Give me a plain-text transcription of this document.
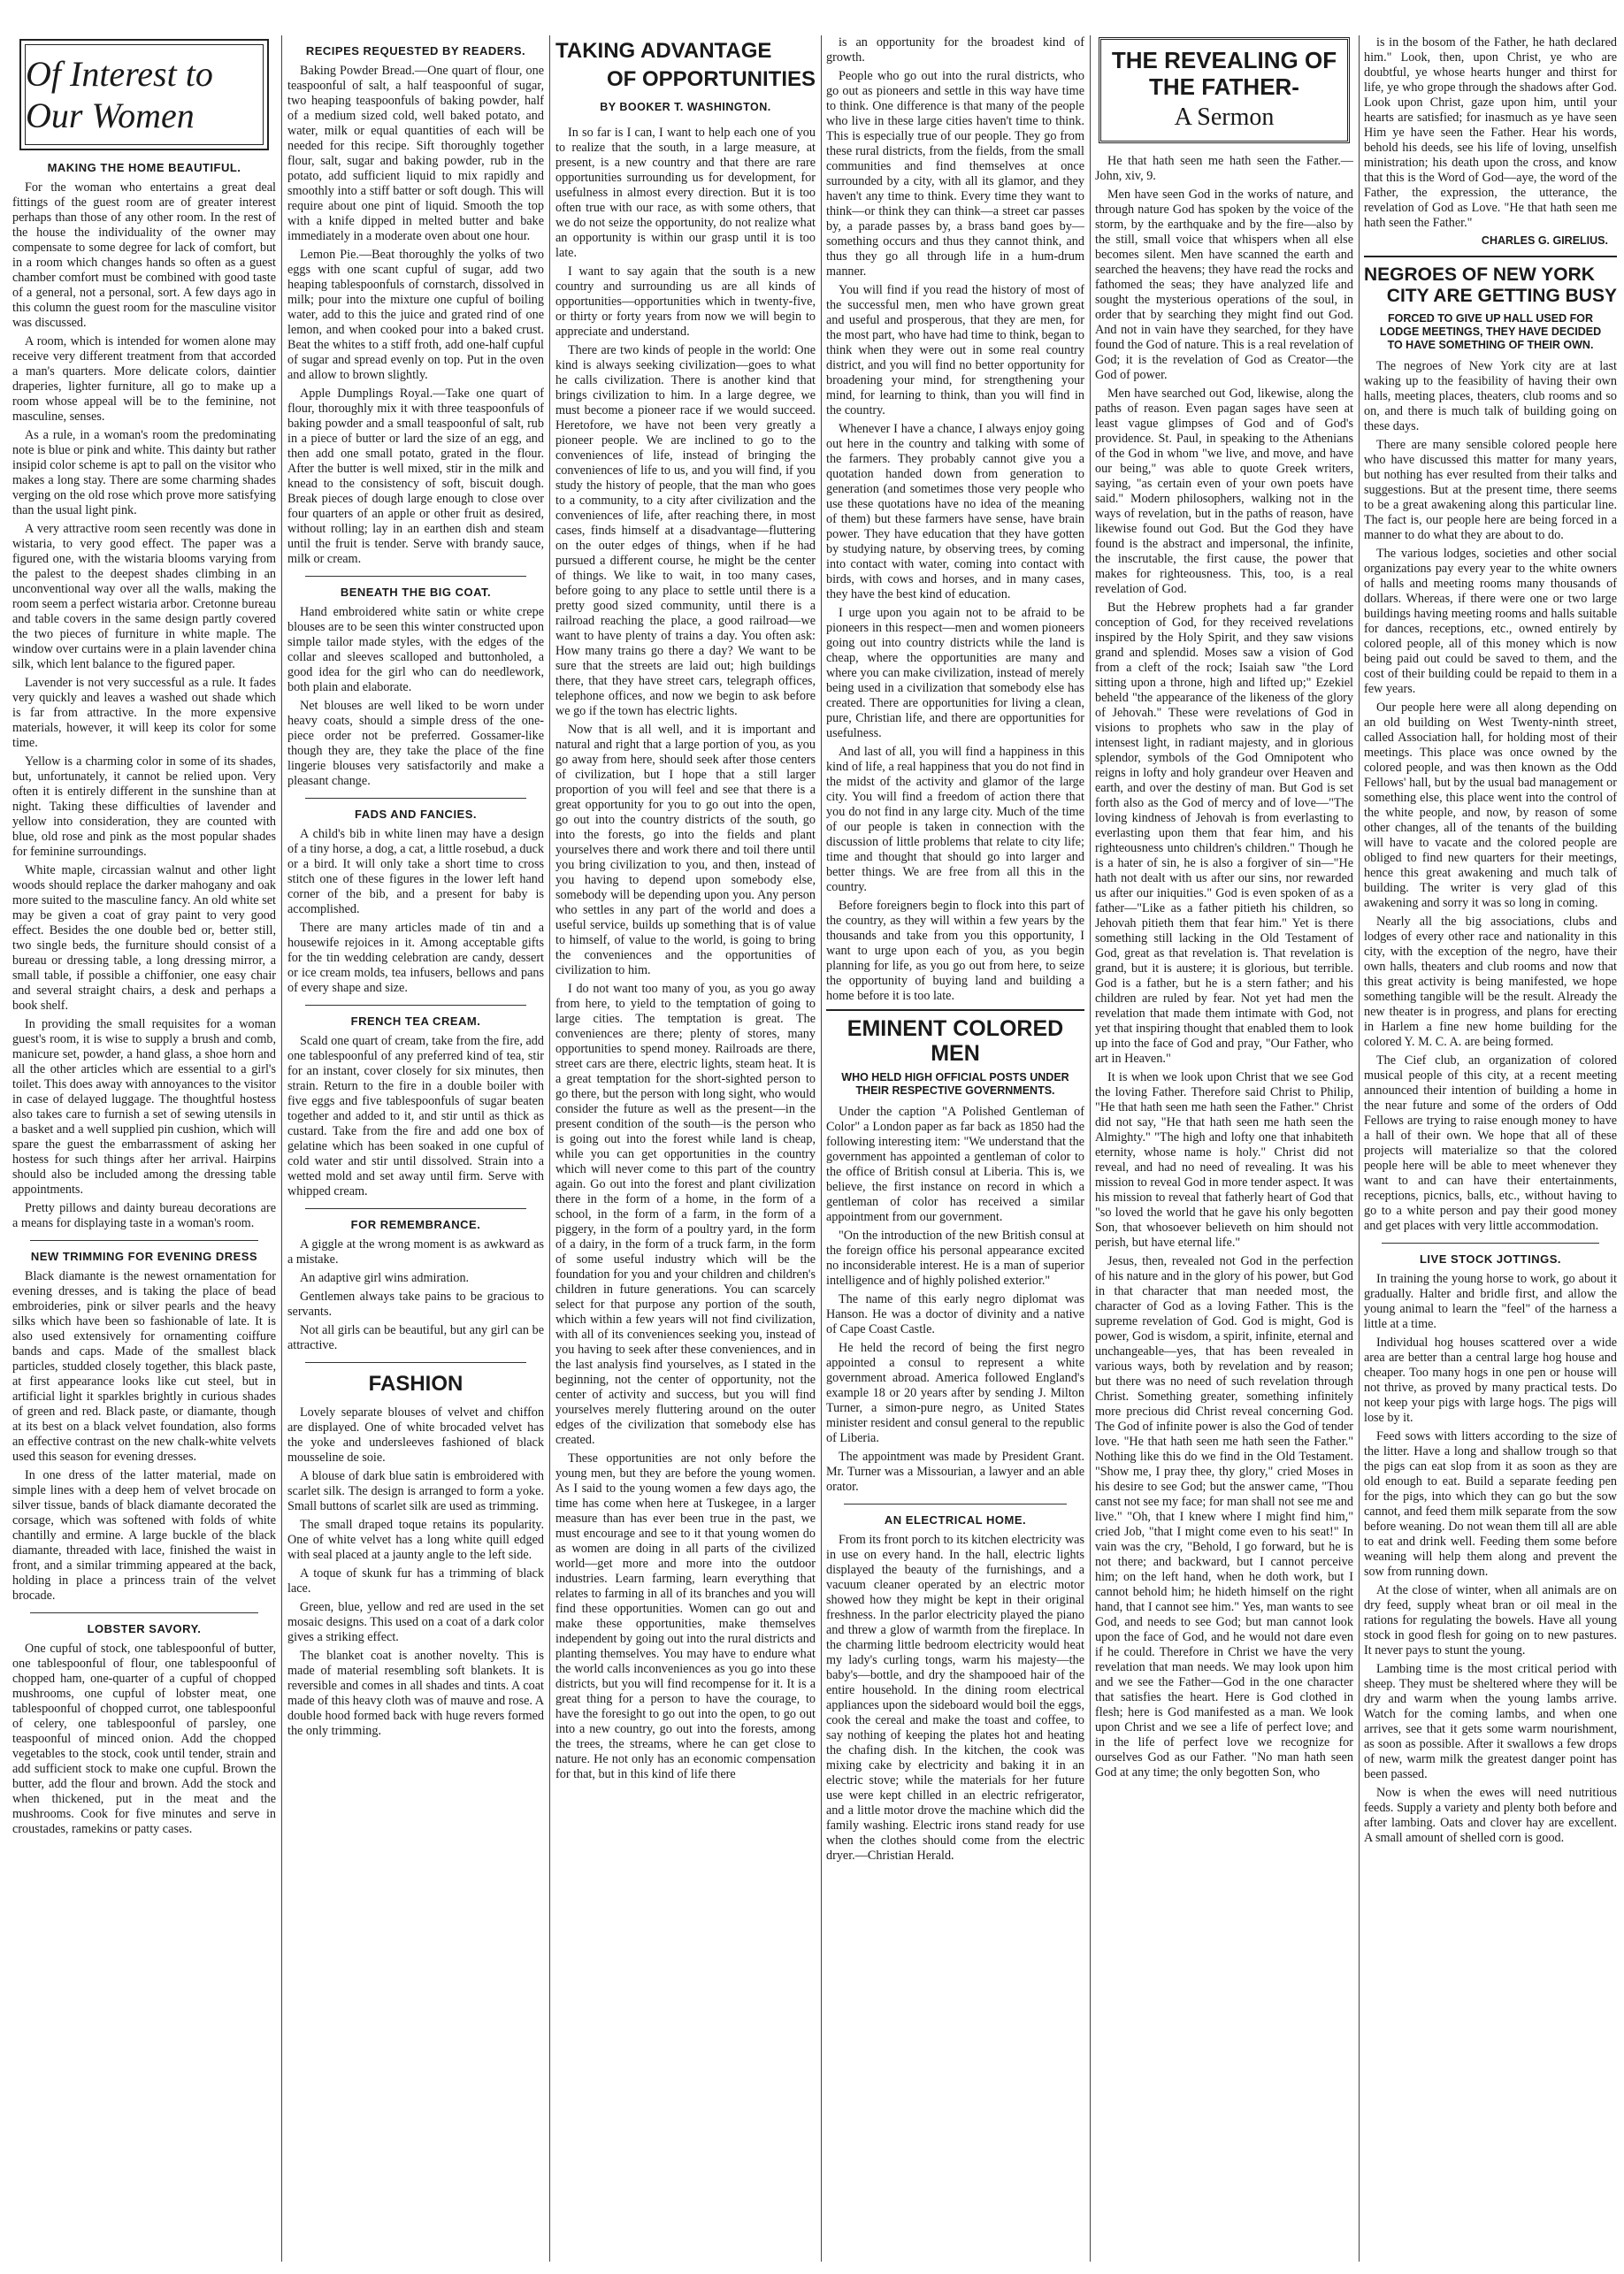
Of Interest to Our Women
MAKING THE HOME BEAUTIFUL.

For the woman who entertains a great deal fittings of the guest room are of greater interest perhaps than those of any other room. In the rest of the house the individuality of the owner may compensate to some degree for lack of comfort, but in a room which changes hands so often as a guest chamber comfort must be combined with good taste of a general, not a personal, sort. A few days ago in this column the guest room for the masculine visitor was discussed.

A room, which is intended for women alone may receive very different treatment from that accorded a man's quarters. More delicate colors, daintier draperies, lighter furniture, all go to make up a room whose appeal will be to the feminine, not masculine, senses.

As a rule, in a woman's room the predominating note is blue or pink and white. This dainty but rather insipid color scheme is apt to pall on the visitor who makes a long stay. There are some charming shades verging on the old rose which prove more satisfying than the usual light pink.

A very attractive room seen recently was done in wistaria, to very good effect. The paper was a figured one, with the wistaria blooms varying from the palest to the deepest shades climbing in an unconventional way over all the walls, making the room seem a perfect wistaria arbor. Cretonne bureau and table covers in the same design partly covered the two pieces of furniture in white maple. The window over curtains were in a plain lavender china silk, which lent balance to the figured paper.

Lavender is not very successful as a rule. It fades very quickly and leaves a washed out shade which is far from attractive. In the more expensive materials, however, it will keep its color for some time.

Yellow is a charming color in some of its shades, but, unfortunately, it cannot be relied upon. Very often it is entirely different in the sunshine than at night. Taking these difficulties of lavender and yellow into consideration, they are counted with blue, old rose and pink as the most popular shades for feminine surroundings.

White maple, circassian walnut and other light woods should replace the darker mahogany and oak more suited to the masculine fancy. An old white set may be given a coat of gray paint to very good effect. Besides the one double bed or, better still, two single beds, the furniture should consist of a bureau or dressing table, a long dressing mirror, a small table, if possible a chiffonier, one easy chair and several straight chairs, a desk and perhaps a book shelf.

In providing the small requisites for a woman guest's room, it is wise to supply a brush and comb, manicure set, powder, a hand glass, a shoe horn and all the other articles which are essential to a girl's toilet. This does away with annoyances to the visitor in case of delayed luggage. The thoughtful hostess also takes care to furnish a set of sewing utensils in a basket and a well supplied pin cushion, which will spare the guest the embarrassment of asking her hostess for such things after her arrival. Hairpins should also be included among the dressing table appointments.

Pretty pillows and dainty bureau decorations are a means for displaying taste in a woman's room.

NEW TRIMMING FOR EVENING DRESS

Black diamante is the newest ornamentation for evening dresses, and is taking the place of bead embroideries, pink or silver pearls and the heavy silks which have been so fashionable of late. It is also used extensively for ornamenting coiffure bands and caps. Made of the smallest black particles, studded closely together, this black paste, at first appearance looks like cut steel, but in artificial light it sparkles brightly in curious shades of green and red. Black paste, or diamante, though at its best on a black velvet foundation, also forms an effective contrast on the new chalk-white velvets used this season for evening dresses.

In one dress of the latter material, made on simple lines with a deep hem of velvet brocade on silver tissue, bands of black diamante decorated the corsage, which was softened with folds of white chantilly and ermine. A large buckle of the black diamante, threaded with lace, finished the waist in front, and a similar trimming appeared at the back, holding in place a princess train of the velvet brocade.

LOBSTER SAVORY.

One cupful of stock, one tablespoonful of butter, one tablespoonful of flour, one tablespoonful of chopped ham, one-quarter of a cupful of chopped mushrooms, one cupful of lobster meat, one tablespoonful of chopped currot, one tablespoonful of celery, one tablespoonful of parsley, one teaspoonful of minced onion. Add the chopped vegetables to the stock, cook until tender, strain and add sufficient stock to make one cupful. Brown the butter, add the flour and brown. Add the stock and when thickened, put in the meat and the mushrooms. Cook for five minutes and serve in croustades, ramekins or patty cases.

RECIPES REQUESTED BY READERS.

Baking Powder Bread.—One quart of flour, one teaspoonful of salt, a half teaspoonful of sugar, two heaping teaspoonfuls of baking powder, half of a medium sized cold, well baked potato, and water, milk or equal quantities of each will be needed for this recipe. Sift thoroughly together flour, salt, sugar and baking powder, rub in the potato, add sufficient liquid to mix rapidly and smoothly into a stiff batter or soft dough. This will require about one pint of liquid. Smooth the top with a knife dipped in melted butter and bake immediately in a moderate oven about one hour.

Lemon Pie.—Beat thoroughly the yolks of two eggs with one scant cupful of sugar, add two heaping tablespoonfuls of cornstarch, dissolved in milk; pour into the mixture one cupful of boiling water, add to this the juice and grated rind of one lemon, and when cooked pour into a baked crust. Beat the whites to a stiff froth, add one-half cupful of sugar and spread evenly on top. Put in the oven and allow to brown slightly.

Apple Dumplings Royal.—Take one quart of flour, thoroughly mix it with three teaspoonfuls of baking powder and a small teaspoonful of salt, rub in a piece of butter or lard the size of an egg, and then add one small potato, grated in the flour. After the butter is well mixed, stir in the milk and knead to the consistency of soft, biscuit dough. Break pieces of dough large enough to close over four quarters of an apple or other fruit as desired, without rolling; lay in an earthen dish and steam until the fruit is tender. Serve with brandy sauce, milk or cream.

BENEATH THE BIG COAT.

Hand embroidered white satin or white crepe blouses are to be seen this winter constructed upon simple tailor made styles, with the edges of the collar and sleeves scalloped and buttonholed, a good idea for the girl who can do needlework, both plain and elaborate.

Net blouses are well liked to be worn under heavy coats, should a simple dress of the one-piece order not be preferred. Gossamer-like though they are, they take the place of the fine lingerie blouses very satisfactorily and make a pleasant change.

FADS AND FANCIES.

A child's bib in white linen may have a design of a tiny horse, a dog, a cat, a little rosebud, a duck or a bird. It will only take a short time to cross stitch one of these figures in the lower left hand corner of the bib, and a present for baby is accomplished.

There are many articles made of tin and a housewife rejoices in it. Among acceptable gifts for the tin wedding celebration are candy, dessert or ice cream molds, tea infusers, bellows and pans of every shape and size.

FRENCH TEA CREAM.

Scald one quart of cream, take from the fire, add one tablespoonful of any preferred kind of tea, stir for an instant, cover closely for six minutes, then strain. Return to the fire in a double boiler with five eggs and five tablespoonfuls of sugar beaten together and added to it, and stir until as thick as custard. Take from the fire and add one box of gelatine which has been soaked in one cupful of cold water and stir until dissolved. Strain into a wetted mold and set away until firm. Serve with whipped cream.

FOR REMEMBRANCE.

A giggle at the wrong moment is as awkward as a mistake.

An adaptive girl wins admiration.

Gentlemen always take pains to be gracious to servants.

Not all girls can be beautiful, but any girl can be attractive.

FASHION

Lovely separate blouses of velvet and chiffon are displayed. One of white brocaded velvet has the yoke and undersleeves fashioned of black mousseline de soie.

A blouse of dark blue satin is embroidered with scarlet silk. The design is arranged to form a yoke. Small buttons of scarlet silk are used as trimming.

The small draped toque retains its popularity. One of white velvet has a long white quill edged with seal placed at a jaunty angle to the left side.

A toque of skunk fur has a trimming of black lace.

Green, blue, yellow and red are used in the set mosaic designs. This used on a coat of a dark color gives a striking effect.

The blanket coat is another novelty. This is made of material resembling soft blankets. It is reversible and comes in all shades and tints. A coat made of this heavy cloth was of mauve and rose. A double hood formed back with huge revers formed the only trimming.

TAKING ADVANTAGE
OF OPPORTUNITIES
BY BOOKER T. WASHINGTON.

In so far is I can, I want to help each one of you to realize that the south, in a large measure, at present, is a new country and that there are rare opportunities surrounding us for development, for usefulness in almost every direction. But it is too often true with our race, as with some others, that we do not seize the opportunity, do not realize what an opportunity is within our grasp until it is too late.

I want to say again that the south is a new country and surrounding us are all kinds of opportunities—opportunities which in twenty-five, or thirty or forty years from now we will begin to appreciate and understand.

There are two kinds of people in the world: One kind is always seeking civilization—goes to what he calls civilization. There is another kind that brings civilization to him. In a large degree, we must become a pioneer race if we would succeed. Heretofore, we have not been very greatly a pioneer people. We are inclined to go to the conveniences of life, instead of bringing the conveniences of life to us, and you will find, if you study the history of people, that the man who goes to a community, to a city after civilization and the conveniences of life, after reaching there, in most cases, finds himself at a disadvantage—fluttering on the outer edges of things, when if he had pursued a different course, he might be the center of things. We like to wait, in too many cases, before going to any place to settle until there is a pretty good sized community, until there is a railroad reaching the place, a good railroad—we want to have plenty of trains a day. You often ask: How many trains go there a day? We want to be sure that the streets are laid out; high buildings there, that they have street cars, telegraph offices, telephone offices, and now we begin to ask before we go if the town has electric lights.

Now that is all well, and it is important and natural and right that a large portion of you, as you go away from here, should seek after those centers of civilization, but I hope that a still larger proportion of you will feel and see that there is a great opportunity for you to go out into the open, go out into the country districts of the south, go into the forests, go into the fields and plant yourselves there and work there and toil there until you bring civilization to you, and then, instead of you having to depend upon somebody else, somebody will be depending upon you. Any person who settles in any part of the world and does a useful service, builds up something that is of value to himself, of value to the world, is going to bring the conveniences and the opportunities of civilization to him.

I do not want too many of you, as you go away from here, to yield to the temptation of going to large cities. The temptation is great. The conveniences are there; plenty of stores, many opportunities to spend money. Railroads are there, street cars are there, electric lights, steam heat. It is a great temptation for the short-sighted person to go there, but the person with long sight, who would consider the future as well as the present—in the present condition of the south—is the person who is going out into the forest while land is cheap, while you can get opportunities in the country which will never come to this part of the country again. Go out into the forest and plant civilization there in the form of a home, in the form of a school, in the form of a farm, in the form of a piggery, in the form of a poultry yard, in the form of a dairy, in the form of a truck farm, in the form of some useful industry which will be the foundation for you and your children and children's children in future generations. You can scarcely select for that purpose any portion of the south, which within a few years will not find civilization, with all of its conveniences seeking you, instead of you having to seek after these conveniences, and in the last analysis find yourselves, as I stated in the beginning, not the center of opportunity, not the center of activity and success, but you will find yourselves merely fluttering around on the outer edges of the civilization that somebody else has created.

These opportunities are not only before the young men, but they are before the young women. As I said to the young women a few days ago, the time has come when here at Tuskegee, in a larger measure than has ever been true in the past, we must encourage and see to it that young women do as women are doing in all parts of the civilized world—get more and more into the outdoor industries. Learn farming, learn everything that relates to farming in all of its branches and you will find these opportunities. Women can go out and make these opportunities, make themselves independent by going out into the rural districts and planting themselves. You may have to endure what the world calls inconveniences as you go into these districts, but you will find recompense for it. It is a great thing for a person to have the courage, to have the foresight to go out into the open, to go out into a new country, go out into the forests, among the trees, the streams, where he can get close to nature. He not only has an economic compensation for that, but in this kind of life there

is an opportunity for the broadest kind of growth.

People who go out into the rural districts, who go out as pioneers and settle in this way have time to think. One difference is that many of the people who live in these large cities haven't time to think. This is especially true of our people. They go from these rural districts, from the fields, from the small communities and find themselves at once surrounded by a city, with all its glamor, and they haven't any time to think. Every time they want to think—or think they can think—a street car passes by, a parade passes by, a brass band goes by—something occurs and thus they cannot think, and thus they go all through life in a hum-drum manner.

You will find if you read the history of most of the successful men, men who have grown great and useful and prosperous, that they are men, for the most part, who have had time to think, began to think when they were out in some real country district, and you will find no better opportunity for broadening your mind, for strengthening your mind, for learning to think, than you will find in the country.

Whenever I have a chance, I always enjoy going out here in the country and talking with some of the farmers. They probably cannot give you a quotation handed down from generation to generation (and sometimes those very people who use these quotations have no idea of the meaning of them) but these farmers have sense, have brain power. They have education that they have gotten by studying nature, by observing trees, by coming into contact with water, coming into contact with birds, with cows and horses, and in many cases, they have the best kind of education.

I urge upon you again not to be afraid to be pioneers in this respect—men and women pioneers going out into country districts while the land is cheap, where the opportunities are many and where you can make civilization, instead of merely being used in a civilization that somebody else has created. There are opportunities for living a clean, pure, Christian life, and there are opportunities for usefulness.

And last of all, you will find a happiness in this kind of life, a real happiness that you do not find in the midst of the activity and glamor of the large city. You will find a freedom of action there that you do not find in any large city. Much of the time of our people is taken in connection with the discussion of little problems that relate to city life; time and thought that should go into larger and better things. We are free from all this in the country.

Before foreigners begin to flock into this part of the country, as they will within a few years by the thousands and take from you this opportunity, I want to urge upon each of you, as you begin planning for life, as you go out from here, to seize the opportunity of buying land and building a home before it is too late.

EMINENT COLORED MEN
WHO HELD HIGH OFFICIAL POSTS UNDER THEIR RESPECTIVE GOVERNMENTS.

Under the caption "A Polished Gentleman of Color" a London paper as far back as 1850 had the following interesting item: "We understand that the government has appointed a gentleman of color to the office of British consul at Liberia. This is, we believe, the first instance on record in which a gentleman of color has received a similar appointment from our government.

"On the introduction of the new British consul at the foreign office his personal appearance excited no inconsiderable interest. He is a man of superior intelligence and of highly polished exterior."

The name of this early negro diplomat was Hanson. He was a doctor of divinity and a native of Cape Coast Castle.

He held the record of being the first negro appointed a consul to represent a white government abroad. America followed England's example 18 or 20 years after by sending J. Milton Turner, a simon-pure negro, as United States minister resident and consul general to the republic of Liberia.

The appointment was made by President Grant. Mr. Turner was a Missourian, a lawyer and an able orator.

AN ELECTRICAL HOME.

From its front porch to its kitchen electricity was in use on every hand. In the hall, electric lights displayed the beauty of the furnishings, and a vacuum cleaner operated by an electric motor showed how they might be kept in their original freshness. In the parlor electricity played the piano and threw a glow of warmth from the fireplace. In the charming little bedroom electricity would heat my lady's curling tongs, warm his majesty—the baby's—bottle, and dry the shampooed hair of the entire household. In the dining room electrical appliances upon the sideboard would boil the eggs, cook the cereal and make the toast and coffee, to say nothing of keeping the plates hot and heating the chafing dish. In the kitchen, the cook was mixing cake by electricity and baking it in an electric stove; while the materials for her future use were kept chilled in an electric refrigerator, and a little motor drove the machine which did the family washing. Electric irons stand ready for use when the clothes should come from the electric dryer.—Christian Herald.

THE REVEALING OF
THE FATHER-
A Sermon

He that hath seen me hath seen the Father.—John, xiv, 9.

Men have seen God in the works of nature, and through nature God has spoken by the voice of the storm, by the earthquake and by the fire—also by the still, small voice that whispers when all else becomes silent. Men have scanned the earth and searched the heavens; they have read the rocks and fathomed the seas; they have analyzed life and sought the mysterious operations of the soul, in order that by searching they might find out God. And not in vain have they searched, for they have found the God of nature. This is a real revelation of God; it is the revelation of God as Creator—the God of power.

Men have searched out God, likewise, along the paths of reason. Even pagan sages have seen at least vague glimpses of God and of God's providence. St. Paul, in speaking to the Athenians of the God in whom "we live, and move, and have our being," was able to quote Greek writers, saying, "as certain even of your own poets have said." Modern philosophers, walking not in the ways of revelation, but in the paths of reason, have likewise found out God. But the God they have found is the abstract and impersonal, the infinite, the inscrutable, the first cause, the power that makes for righteousness. This, too, is a real revelation of God.

But the Hebrew prophets had a far grander conception of God, for they received revelations inspired by the Holy Spirit, and they saw visions grand and splendid. Moses saw a vision of God from a cleft of the rock; Isaiah saw "the Lord sitting upon a throne, high and lifted up;" Ezekiel beheld "the appearance of the likeness of the glory of Jehovah." These were revelations of God in visions to prophets who saw in the play of intensest light, in radiant majesty, and in glorious splendor, symbols of the God Omnipotent who reigns in lofty and holy grandeur over Heaven and earth, and over the destiny of man. But God is set forth also as the God of mercy and of love—"The loving kindness of Jehovah is from everlasting to everlasting upon them that fear him, and his righteousness unto children's children." Though he is a hater of sin, he is also a forgiver of sin—"He hath not dealt with us after our sins, nor rewarded us after our iniquities." God is even spoken of as a father—"Like as a father pitieth his children, so Jehovah pitieth them that fear him." Yet is there something still lacking in the Old Testament of God, great as that revelation is. That revelation is grand, but it is austere; it is glorious, but terrible. God is a father, but he is a stern father; and his children are ruled by fear. Not yet had men the revelation that made them intimate with God, not yet that inspiring thought that enabled them to look up into the face of God and pray, "Our Father, who art in Heaven."

It is when we look upon Christ that we see God the loving Father. Therefore said Christ to Philip, "He that hath seen me hath seen the Father." Christ did not say, "He that hath seen me hath seen the Almighty." "The high and lofty one that inhabiteth eternity, whose name is holy." Christ did not reveal, and had no need of revealing. It was his mission to reveal God in more tender aspect. It was his mission to reveal that fatherly heart of God that "so loved the world that he gave his only begotten Son, that whosoever believeth on him should not perish, but have eternal life."

Jesus, then, revealed not God in the perfection of his nature and in the glory of his power, but God in that character that man needed most, the character of God as a loving Father. This is the supreme revelation of God. God is might, God is power, God is wisdom, a spirit, infinite, eternal and unchangeable—yes, that has been revealed in various ways, both by revelation and by reason; but there was no need of such revelation through Christ. Something greater, something infinitely more precious did Christ reveal concerning God. The God of infinite power is also the God of tender love. "He that hath seen me hath seen the Father." Nothing like this do we find in the Old Testament. "Show me, I pray thee, thy glory," cried Moses in his desire to see God; but the answer came, "Thou canst not see my face; for man shall not see me and live." "Oh, that I knew where I might find him," cried Job, "that I might come even to his seat!" In vain was the cry, "Behold, I go forward, but he is not there; and backward, but I cannot perceive him; on the left hand, when he doth work, but I cannot behold him; he hideth himself on the right hand, that I cannot see him." Yes, man wants to see God, and needs to see God; but man cannot look upon the face of God, and he would not dare even if he could. Therefore in Christ we have the very revelation that man needs. We may look upon him and we see the Father—God in the one character that satisfies the heart. Here is God clothed in flesh; here is God manifested as a man. We look upon Christ and we see a life of perfect love; and in the life of perfect love we recognize for ourselves God as our Father. "No man hath seen God at any time; the only begotten Son, who

is in the bosom of the Father, he hath declared him." Look, then, upon Christ, ye who are doubtful, ye whose hearts hunger and thirst for life, ye who grope through the shadows after God. Look upon Christ, gaze upon him, until your hearts are satisfied; for inasmuch as ye have seen Him ye have seen the Father. Hear his words, behold his deeds, see his life of loving, unselfish ministration; his death upon the cross, and know that this is the Word of God—aye, the word of the Father, the expression, the utterance, the revelation of God as Love. "He that hath seen me hath seen the Father."

CHARLES G. GIRELIUS.
NEGROES OF NEW YORK
CITY ARE GETTING BUSY
FORCED TO GIVE UP HALL USED FOR LODGE MEETINGS, THEY HAVE DECIDED TO HAVE SOMETHING OF THEIR OWN.

The negroes of New York city are at last waking up to the feasibility of having their own halls, meeting places, theaters, club rooms and so on, and there is much talk of building going on these days.

There are many sensible colored people here who have discussed this matter for many years, but nothing has ever resulted from their talks and suggestions. But at the present time, there seems to be a great awakening along this particular line. The fact is, our people here are being forced in a manner to do what they are about to do.

The various lodges, societies and other social organizations pay every year to the white owners of halls and meeting rooms many thousands of dollars. Whereas, if there were one or two large buildings having meeting rooms and halls suitable for dances, receptions, etc., owned entirely by colored people, all of this money which is now being paid out could be saved to them, and the cost of their building could be repaid to them in a few years.

Our people here were all along depending on an old building on West Twenty-ninth street, called Association hall, for holding most of their meetings. This place was once owned by the colored people, and was then known as the Odd Fellows' hall, but by the usual bad management or something else, this place went into the control of the white people, and now, by reason of some other changes, all of the tenants of the building will have to vacate and the colored people are obliged to find new quarters for their meetings, hence this great awakening and much talk of building. The writer is very glad of this awakening and sorry it was so long in coming.

Nearly all the big associations, clubs and lodges of every other race and nationality in this city, with the exception of the negro, have their own halls, theaters and club rooms and now that this great activity is being manifested, we hope something tangible will be the result. Already the new theater is in progress, and plans for erecting in Harlem a fine new home building for the colored Y. M. C. A. are being formed.

The Cief club, an organization of colored musical people of this city, at a recent meeting announced their intention of building a home in the near future and some of the orders of Odd Fellows are trying to raise enough money to have a hall of their own. We hope that all of these projects will materialize so that the colored people here will be able to meet whenever they want to and can have their entertainments, receptions, picnics, balls, etc., without having to go to a white person and pay their good money and get places with very little accommodation.

LIVE STOCK JOTTINGS.

In training the young horse to work, go about it gradually. Halter and bridle first, and allow the young animal to learn the "feel" of the harness a little at a time.

Individual hog houses scattered over a wide area are better than a central large hog house and cheaper. Too many hogs in one pen or house will not thrive, as proved by many practical tests. Do not keep your pigs with large hogs. The pigs will lose by it.

Feed sows with litters according to the size of the litter. Have a long and shallow trough so that the pigs can eat slop from it as soon as they are old enough to eat. Build a separate feeding pen for the pigs, into which they can go but the sow cannot, and feed them milk separate from the sow before weaning. Do not wean them till all are able to eat and drink well. Feeding them some before weaning will help them along and prevent the sow from running down.

At the close of winter, when all animals are on dry feed, supply wheat bran or oil meal in the rations for regulating the bowels. Have all young stock in good flesh for going on to new pastures. It never pays to stunt the young.

Lambing time is the most critical period with sheep. They must be sheltered where they will be dry and warm when the young lambs arrive. Watch for the coming lambs, and when one arrives, see that it gets some warm nourishment, as soon as possible. After it swallows a few drops of new, warm milk the greatest danger point has been passed.

Now is when the ewes will need nutritious feeds. Supply a variety and plenty both before and after lambing. Oats and clover hay are excellent. A small amount of shelled corn is good.
